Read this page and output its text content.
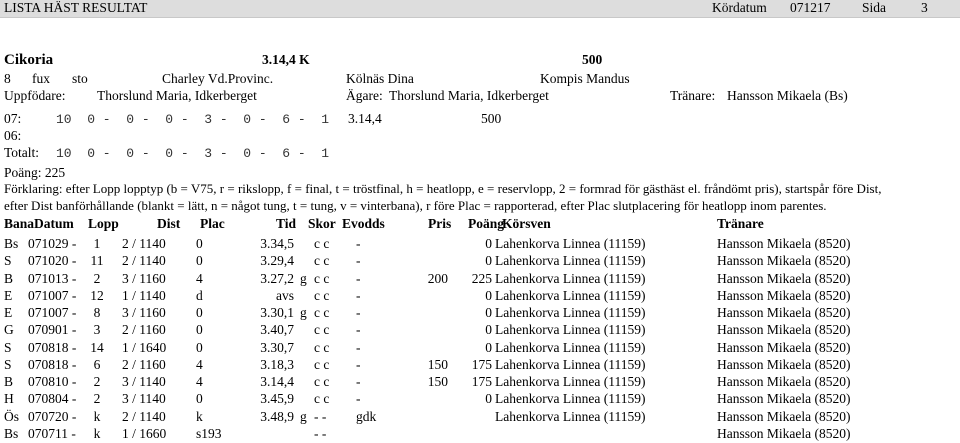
LISTA HÄST RESULTAT	Kördatum 071217 Sida	3
Cikoria	3.14,4 K	500
8 fux sto	Charley Vd.Provinc.	Kölnäs Dina	Kompis Mandus
Uppfödare: Thorslund Maria, Idkerberget	Ägare: Thorslund Maria, Idkerberget	Tränare: Hansson Mikaela (Bs)
07:	10  0 -  0 -  0 -  3 -  0 -  6 -  1 3.14,4	500
06:
Totalt: 10  0 -  0 -  0 -  3 -  0 -  6 -  1
Poäng: 225
Förklaring: efter Lopp lopptyp (b = V75, r = rikslopp, f = final, t = tröstfinal, h = heatlopp, e = reservlopp, 2 = formrad för gästhäst el. fråndömt pris), startspår före Dist,
efter Dist banförhållande (blankt = lätt, n = något tung, t = tung, v = vinterbana), r före Plac = rapporterad, efter Plac slutplacering för heatlopp inom parentes.
Bana Datum Lopp	Dist Plac	Tid Skor Evodds	Pris Poäng
Körsven	Tränare
Bs 071029 -	1	2 / 1140 0	3.34,5 c c -	0 Lahenkorva Linnea (11159)	Hansson Mikaela (8520)
S 071020 -	11	2 / 1140 0	3.29,4 c c -	0 Lahenkorva Linnea (11159)	Hansson Mikaela (8520)
B 071013 -	2	3 / 1160 4	3.27,2 g c c -	200 225 Lahenkorva Linnea (11159)	Hansson Mikaela (8520)
E 071007 -	12	1 / 1140 d	avs c c -	0 Lahenkorva Linnea (11159)	Hansson Mikaela (8520)
E 071007 -	8	3 / 1160 0	3.30,1 g c c -	0 Lahenkorva Linnea (11159)	Hansson Mikaela (8520)
G 070901 -	3	2 / 1160 0	3.40,7 c c -	0 Lahenkorva Linnea (11159)	Hansson Mikaela (8520)
S 070818 -	14	1 / 1640 0	3.30,7 c c -	0 Lahenkorva Linnea (11159)	Hansson Mikaela (8520)
S 070818 -	6	2 / 1160 4	3.18,3 c c -	150 175 Lahenkorva Linnea (11159)	Hansson Mikaela (8520)
B 070810 -	2	3 / 1140 4	3.14,4 c c -	150 175 Lahenkorva Linnea (11159)	Hansson Mikaela (8520)
H 070804 -	2	3 / 1140 0	3.45,9 c c -	0 Lahenkorva Linnea (11159)	Hansson Mikaela (8520)
Ös 070720 -	k	2 / 1140 k	3.48,9 g - - gdk	Lahenkorva Linnea (11159)	Hansson Mikaela (8520)
Bs 070711 -	k	1 / 1660 s193	- -	Hansson Mikaela (8520)
